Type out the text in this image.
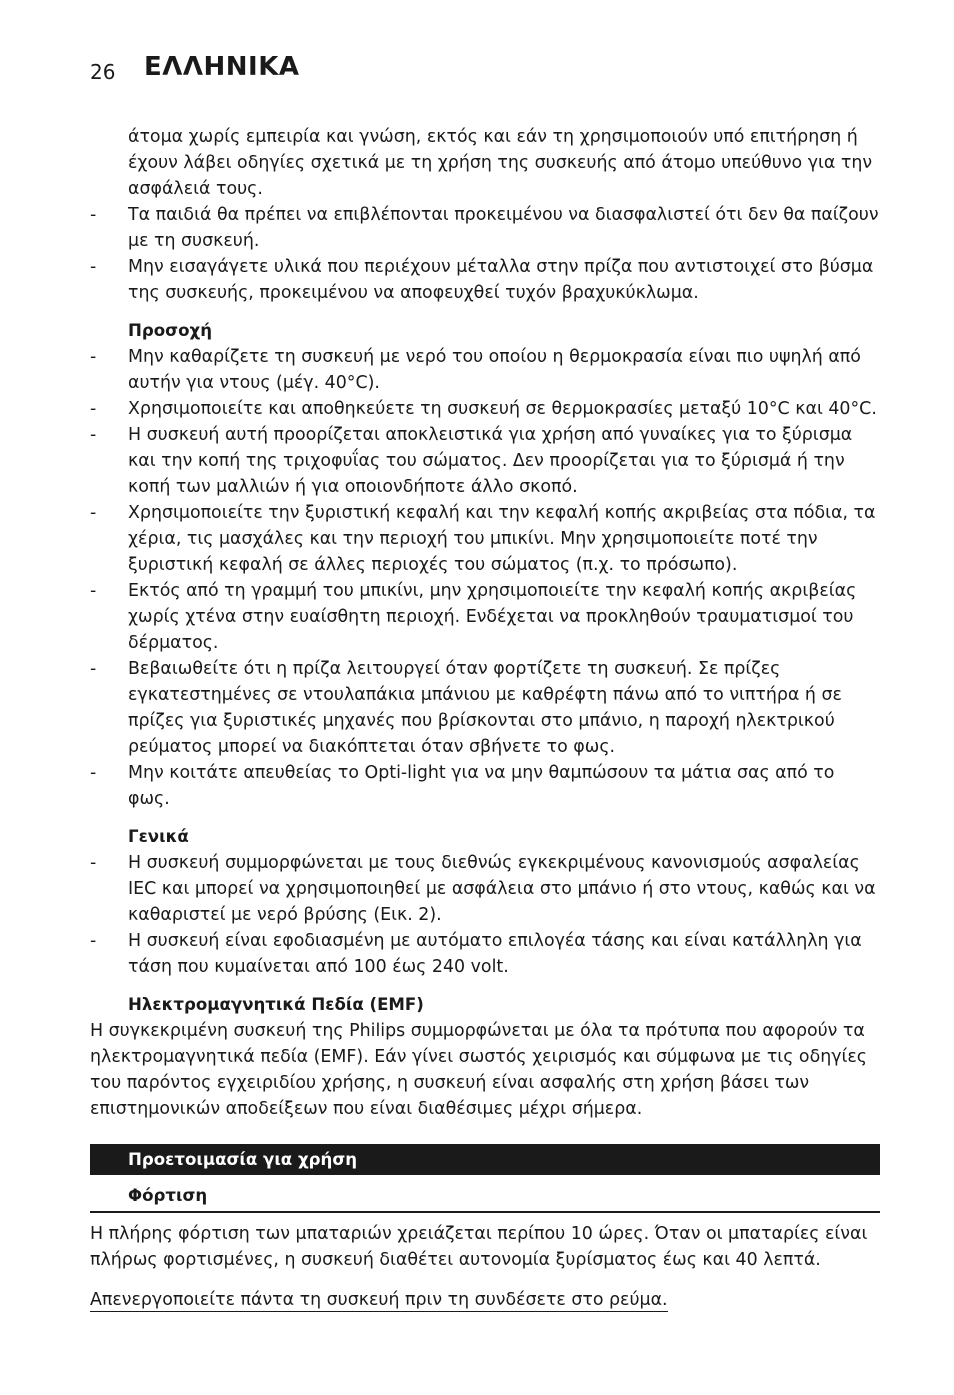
26 ΕΛΛΗΝΙΚΑ

άτομα χωρίς εμπειρία και γνώση, εκτός και εάν τη χρησιμοποιούν υπό επιτήρηση ή έχουν λάβει οδηγίες σχετικά με τη χρήση της συσκευής από άτομο υπεύθυνο για την ασφάλειά τους.

- Τα παιδιά θα πρέπει να επιβλέπονται προκειμένου να διασφαλιστεί ότι δεν θα παίζουν με τη συσκευή.
- Μην εισαγάγετε υλικά που περιέχουν μέταλλα στην πρίζα που αντιστοιχεί στο βύσμα της συσκευής, προκειμένου να αποφευχθεί τυχόν βραχυκύκλωμα.

Προσοχή

- Μην καθαρίζετε τη συσκευή με νερό του οποίου η θερμοκρασία είναι πιο υψηλή από αυτήν για ντους (μέγ. 40°C).
- Χρησιμοποιείτε και αποθηκεύετε τη συσκευή σε θερμοκρασίες μεταξύ 10°C και 40°C.
- Η συσκευή αυτή προορίζεται αποκλειστικά για χρήση από γυναίκες για το ξύρισμα και την κοπή της τριχοφυΐας του σώματος. Δεν προορίζεται για το ξύρισμά ή την κοπή των μαλλιών ή για οποιονδήποτε άλλο σκοπό.
- Χρησιμοποιείτε την ξυριστική κεφαλή και την κεφαλή κοπής ακριβείας στα πόδια, τα χέρια, τις μασχάλες και την περιοχή του μπικίνι. Μην χρησιμοποιείτε ποτέ την ξυριστική κεφαλή σε άλλες περιοχές του σώματος (π.χ. το πρόσωπο).
- Εκτός από τη γραμμή του μπικίνι, μην χρησιμοποιείτε την κεφαλή κοπής ακριβείας χωρίς χτένα στην ευαίσθητη περιοχή. Ενδέχεται να προκληθούν τραυματισμοί του δέρματος.
- Βεβαιωθείτε ότι η πρίζα λειτουργεί όταν φορτίζετε τη συσκευή. Σε πρίζες εγκατεστημένες σε ντουλαπάκια μπάνιου με καθρέφτη πάνω από το νιπτήρα ή σε πρίζες για ξυριστικές μηχανές που βρίσκονται στο μπάνιο, η παροχή ηλεκτρικού ρεύματος μπορεί να διακόπτεται όταν σβήνετε το φως.
- Μην κοιτάτε απευθείας το Opti-light για να μην θαμπώσουν τα μάτια σας από το φως.

Γενικά

- Η συσκευή συμμορφώνεται με τους διεθνώς εγκεκριμένους κανονισμούς ασφαλείας IEC και μπορεί να χρησιμοποιηθεί με ασφάλεια στο μπάνιο ή στο ντους, καθώς και να καθαριστεί με νερό βρύσης (Εικ. 2).
- Η συσκευή είναι εφοδιασμένη με αυτόματο επιλογέα τάσης και είναι κατάλληλη για τάση που κυμαίνεται από 100 έως 240 volt.

Ηλεκτρομαγνητικά Πεδία (EMF)

Η συγκεκριμένη συσκευή της Philips συμμορφώνεται με όλα τα πρότυπα που αφορούν τα ηλεκτρομαγνητικά πεδία (EMF). Εάν γίνει σωστός χειρισμός και σύμφωνα με τις οδηγίες του παρόντος εγχειριδίου χρήσης, η συσκευή είναι ασφαλής στη χρήση βάσει των επιστημονικών αποδείξεων που είναι διαθέσιμες μέχρι σήμερα.

Προετοιμασία για χρήση

Φόρτιση

Η πλήρης φόρτιση των μπαταριών χρειάζεται περίπου 10 ώρες. Όταν οι μπαταρίες είναι πλήρως φορτισμένες, η συσκευή διαθέτει αυτονομία ξυρίσματος έως και 40 λεπτά.

Απενεργοποιείτε πάντα τη συσκευή πριν τη συνδέσετε στο ρεύμα.
